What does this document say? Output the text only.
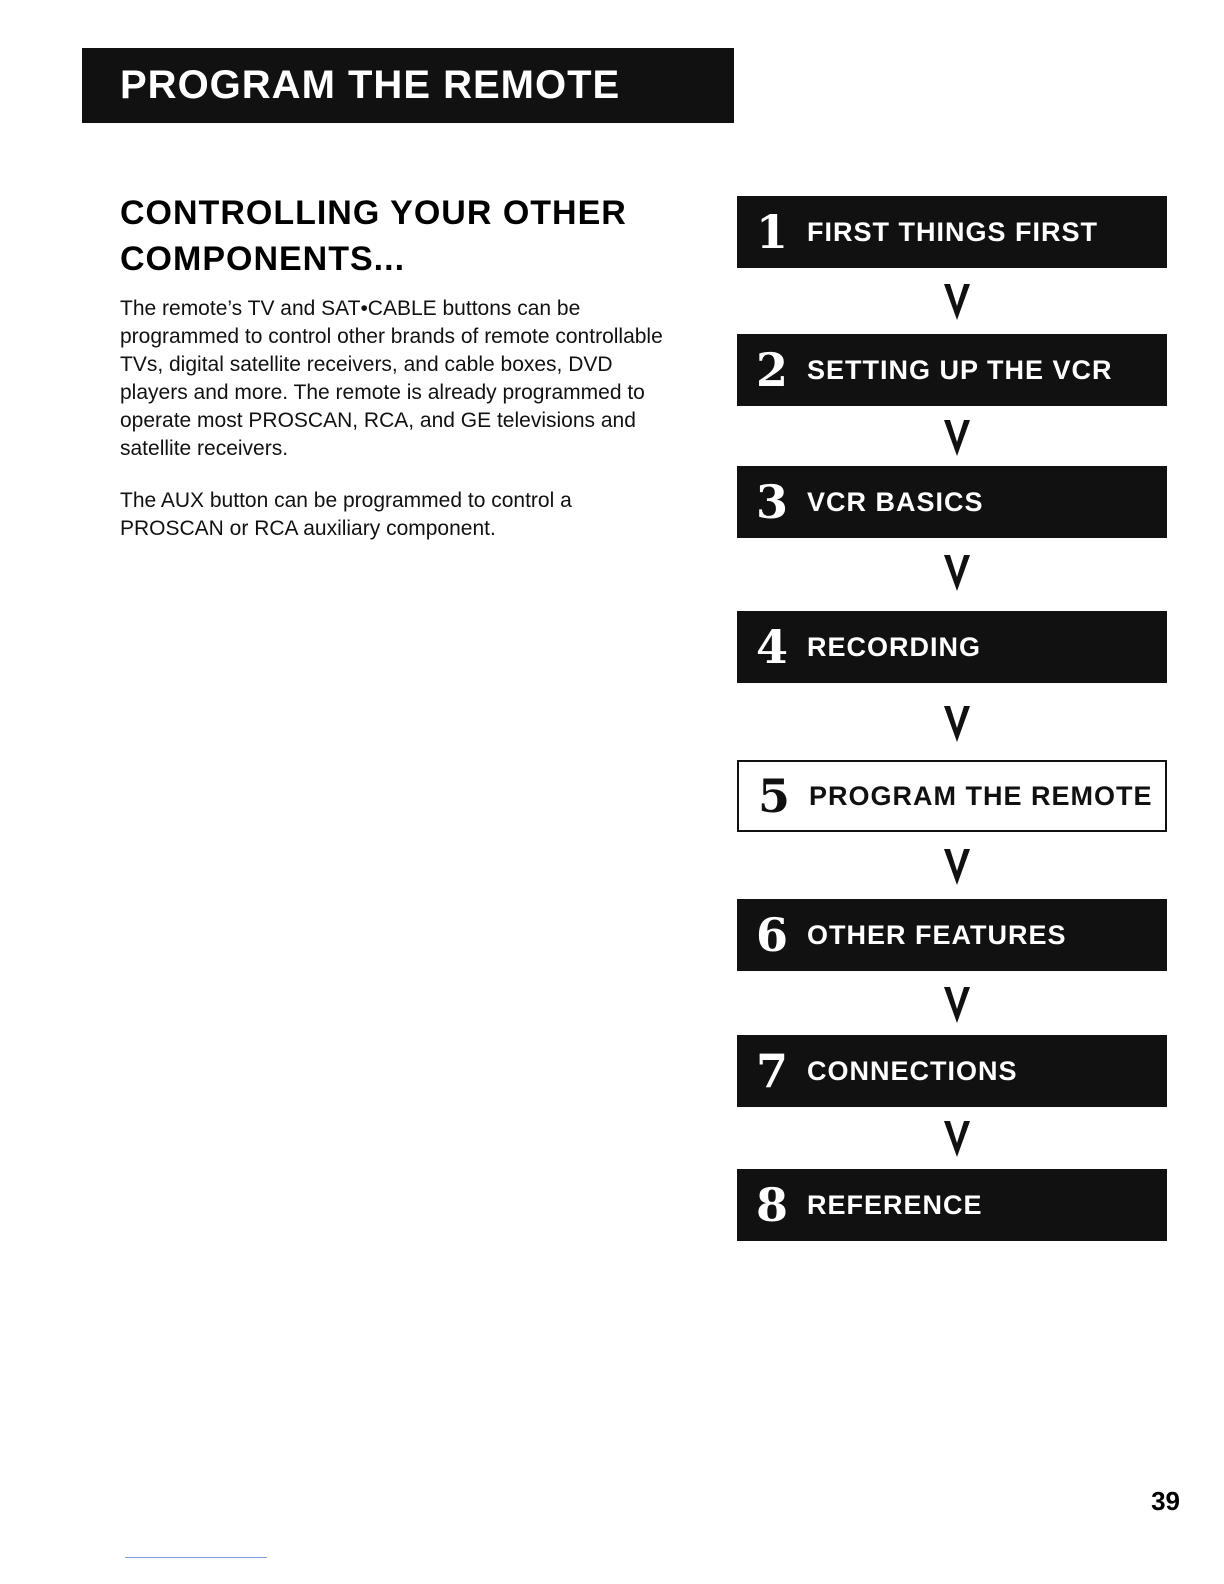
PROGRAM THE REMOTE
CONTROLLING YOUR OTHER
COMPONENTS...

The remote’s TV and SAT•CABLE buttons can be programmed to control other brands of remote controllable TVs, digital satellite receivers, and cable boxes, DVD players and more. The remote is already programmed to operate most PROSCAN, RCA, and GE televisions and satellite receivers.

The AUX button can be programmed to control a PROSCAN or RCA auxiliary component.

1 FIRST THINGS FIRST
2 SETTING UP THE VCR
3 VCR BASICS
4 RECORDING
5 PROGRAM THE REMOTE
6 OTHER FEATURES
7 CONNECTIONS
8 REFERENCE
39
